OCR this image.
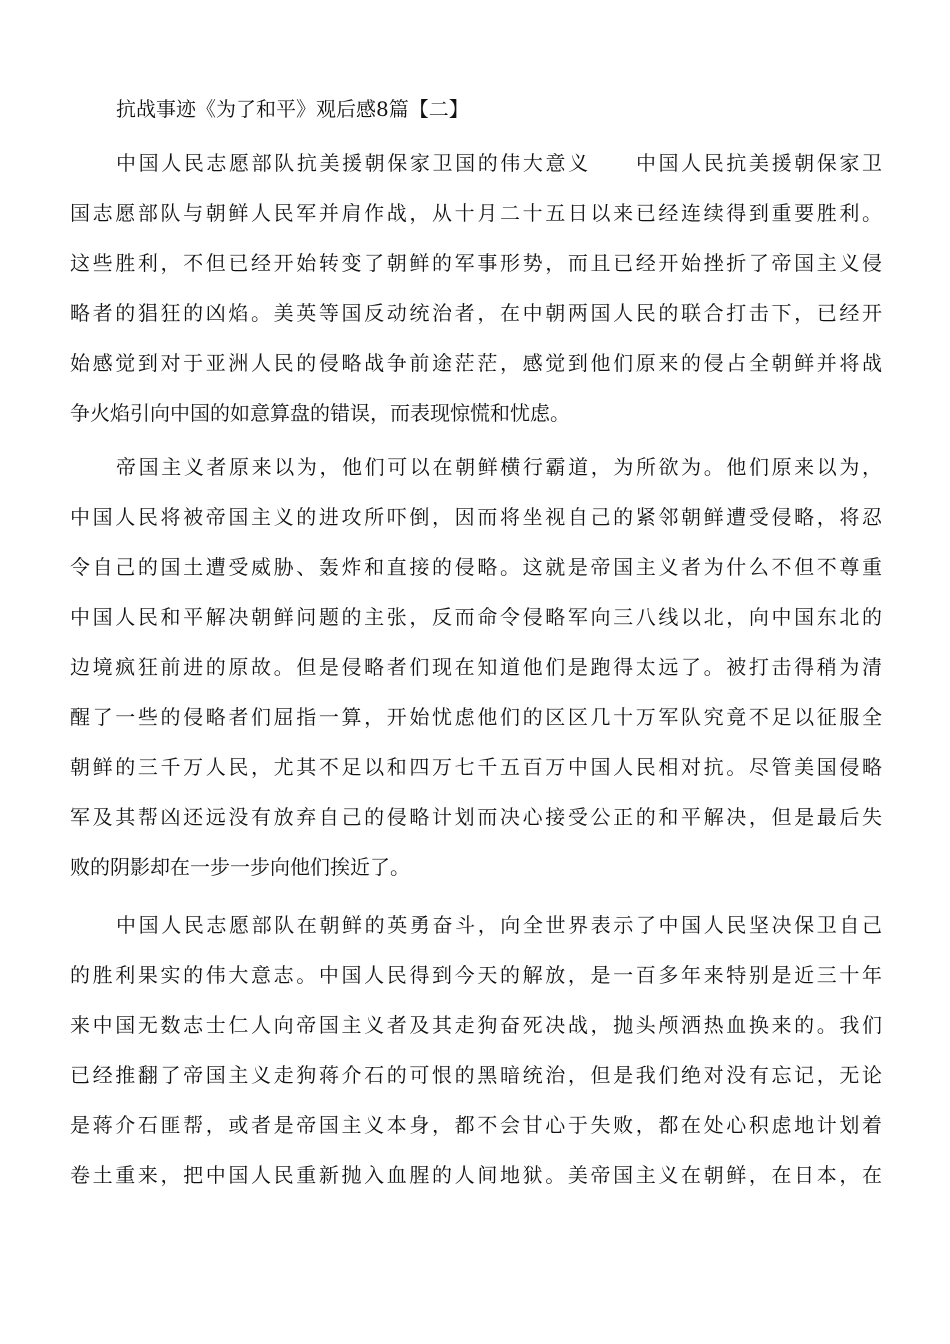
抗战事迹《为了和平》观后感8篇【二】
中国人民志愿部队抗美援朝保家卫国的伟大意义　　中国人民抗美援朝保家卫
国志愿部队与朝鲜人民军并肩作战，从十月二十五日以来已经连续得到重要胜利。
这些胜利，不但已经开始转变了朝鲜的军事形势，而且已经开始挫折了帝国主义侵
略者的猖狂的凶焰。美英等国反动统治者，在中朝两国人民的联合打击下，已经开
始感觉到对于亚洲人民的侵略战争前途茫茫，感觉到他们原来的侵占全朝鲜并将战
争火焰引向中国的如意算盘的错误，而表现惊慌和忧虑。
帝国主义者原来以为，他们可以在朝鲜横行霸道，为所欲为。他们原来以为，
中国人民将被帝国主义的进攻所吓倒，因而将坐视自己的紧邻朝鲜遭受侵略，将忍
令自己的国土遭受威胁、轰炸和直接的侵略。这就是帝国主义者为什么不但不尊重
中国人民和平解决朝鲜问题的主张，反而命令侵略军向三八线以北，向中国东北的
边境疯狂前进的原故。但是侵略者们现在知道他们是跑得太远了。被打击得稍为清
醒了一些的侵略者们屈指一算，开始忧虑他们的区区几十万军队究竟不足以征服全
朝鲜的三千万人民，尤其不足以和四万七千五百万中国人民相对抗。尽管美国侵略
军及其帮凶还远没有放弃自己的侵略计划而决心接受公正的和平解决，但是最后失
败的阴影却在一步一步向他们挨近了。
中国人民志愿部队在朝鲜的英勇奋斗，向全世界表示了中国人民坚决保卫自己
的胜利果实的伟大意志。中国人民得到今天的解放，是一百多年来特别是近三十年
来中国无数志士仁人向帝国主义者及其走狗奋死决战，抛头颅洒热血换来的。我们
已经推翻了帝国主义走狗蒋介石的可恨的黑暗统治，但是我们绝对没有忘记，无论
是蒋介石匪帮，或者是帝国主义本身，都不会甘心于失败，都在处心积虑地计划着
卷土重来，把中国人民重新抛入血腥的人间地狱。美帝国主义在朝鲜，在日本，在
